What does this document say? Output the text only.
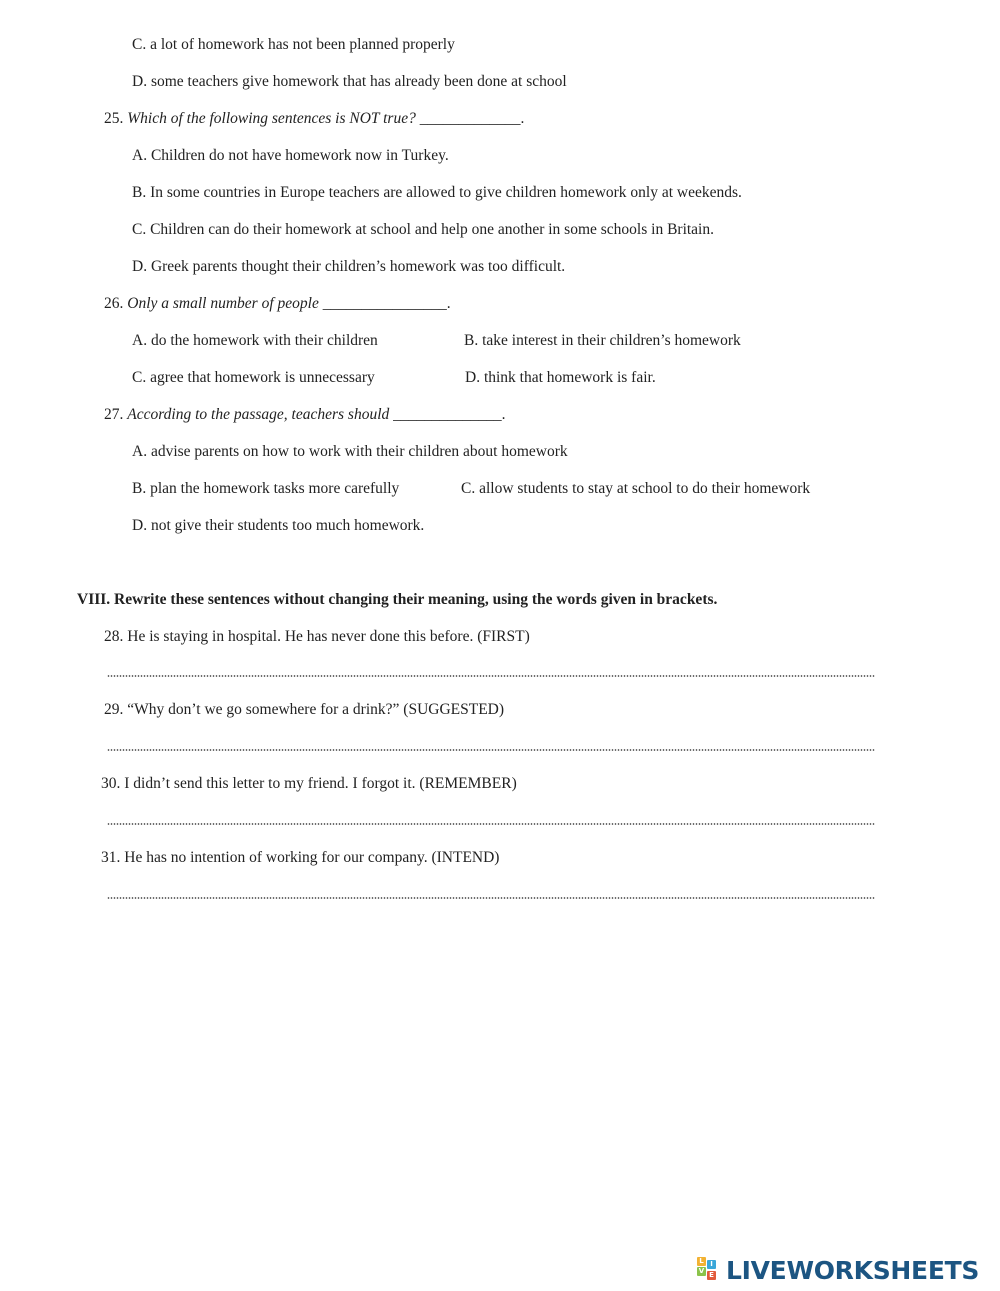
C. a lot of homework has not been planned properly
D. some teachers give homework that has already been done at school
25. Which of the following sentences is NOT true? _____________.
A. Children do not have homework now in Turkey.
B. In some countries in Europe teachers are allowed to give children homework only at weekends.
C. Children can do their homework at school and help one another in some schools in Britain.
D. Greek parents thought their children’s homework was too difficult.
26. Only a small number of people ________________.
A. do the homework with their children	B. take interest in their children’s homework
C. agree that homework is unnecessary	D. think that homework is fair.
27. According to the passage, teachers should ______________.
A. advise parents on how to work with their children about homework
B. plan the homework tasks more carefully	C. allow students to stay at school to do their homework
D. not give their students too much homework.
VIII. Rewrite these sentences without changing their meaning, using the words given in brackets.
28. He is staying in hospital. He has never done this before. (FIRST)
29. “Why don’t we go somewhere for a drink?” (SUGGESTED)
30. I didn’t send this letter to my friend. I forgot it. (REMEMBER)
31. He has no intention of working for our company. (INTEND)
L I
V E LIVEWORKSHEETS
